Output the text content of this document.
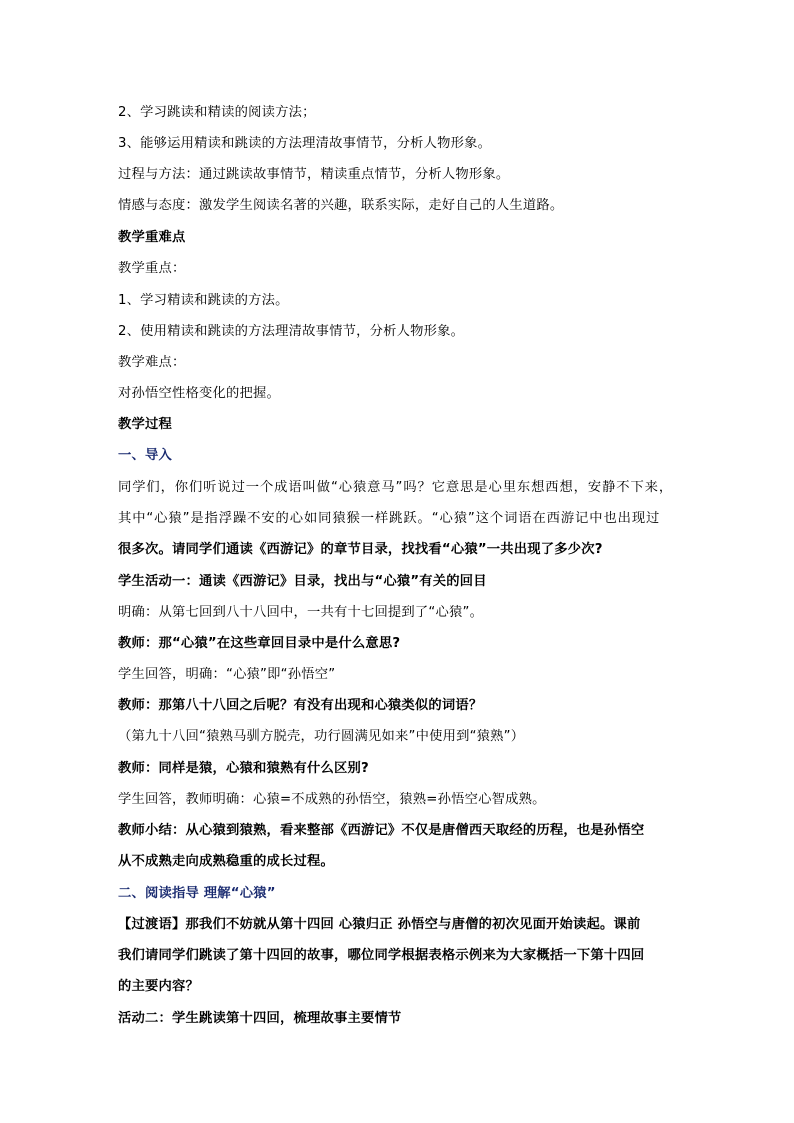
2、学习跳读和精读的阅读方法；
3、能够运用精读和跳读的方法理清故事情节，分析人物形象。
过程与方法：通过跳读故事情节，精读重点情节，分析人物形象。
情感与态度：激发学生阅读名著的兴趣，联系实际，走好自己的人生道路。
教学重难点
教学重点：
1、学习精读和跳读的方法。
2、使用精读和跳读的方法理清故事情节，分析人物形象。
教学难点：
对孙悟空性格变化的把握。
教学过程
一、导入
同学们，你们听说过一个成语叫做“心猿意马”吗？它意思是心里东想西想，安静不下来，
其中“心猿”是指浮躁不安的心如同猿猴一样跳跃。“心猿”这个词语在西游记中也出现过
很多次。请同学们通读《西游记》的章节目录，找找看“心猿”一共出现了多少次?
学生活动一：通读《西游记》目录，找出与“心猿”有关的回目
明确：从第七回到八十八回中，一共有十七回提到了“心猿”。
教师：那“心猿”在这些章回目录中是什么意思?
学生回答，明确：“心猿”即“孙悟空”
教师：那第八十八回之后呢？有没有出现和心猿类似的词语？
（第九十八回“猿熟马驯方脱壳，功行圆满见如来”中使用到“猿熟”）
教师：同样是猿，心猿和猿熟有什么区别?
学生回答，教师明确：心猿=不成熟的孙悟空，猿熟=孙悟空心智成熟。
教师小结：从心猿到猿熟，看来整部《西游记》不仅是唐僧西天取经的历程，也是孙悟空
从不成熟走向成熟稳重的成长过程。
二、阅读指导 理解“心猿”
【过渡语】那我们不妨就从第十四回 心猿归正 孙悟空与唐僧的初次见面开始读起。课前
我们请同学们跳读了第十四回的故事，哪位同学根据表格示例来为大家概括一下第十四回
的主要内容？
活动二：学生跳读第十四回，梳理故事主要情节
